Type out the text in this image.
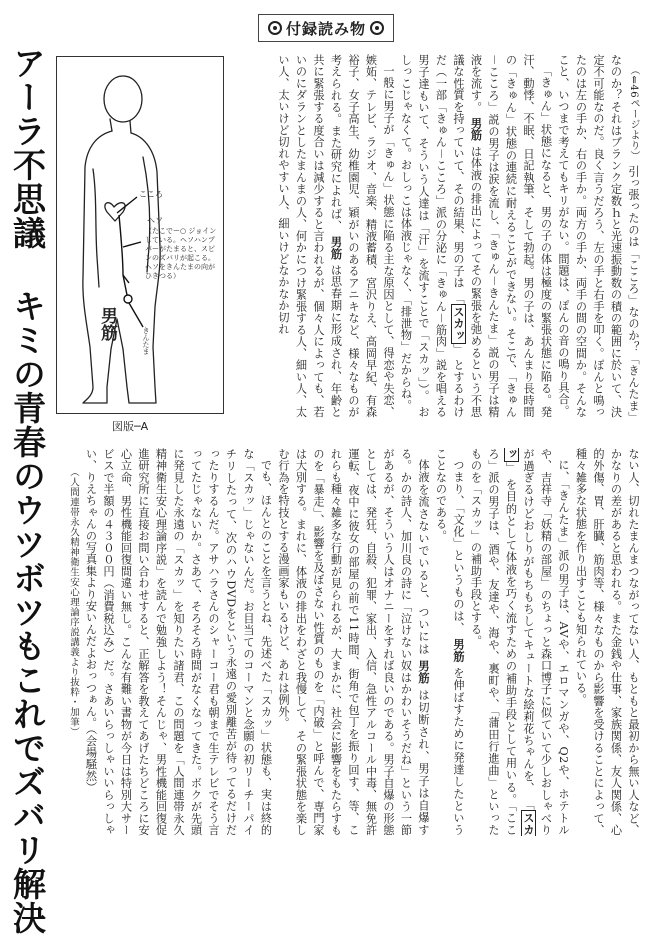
付録読み物
アーラ不思議  キミの青春のウツボツもこれでズバリ解決
こころ
ヘソ
（たこでー○ ジョインしている。ヘソハンプバーがたまると、スピンのズバリが起こる。ヘソをきんたまの向が ひきつる）
きんたま
男筋
図版─A

（⇐46ページより） 引っ張ったのは「こころ」なのか？「きんたま」なのか？それはブランク定数ｈと光速振動数の積の範囲に於いて、決定不可能なのだ。良く言うだろう、左の手と右手を叩く。ぽんと鳴ったのは左の手か、右の手か。両方の手か、両手の間の空間か。そんなこと、いつまで考えてもキリがない。間題は、ぽんの音の鳴り具合。

「きゅん」状態になると、男の子の体は極度の緊張状態に陥る。発汗、動悸、不眠、日記執筆、そして勃起。男の子は、あんまり長時間の「きゅん」状態の連続に耐えることができない。そこで、「きゅん－こころ」説の男子は涙を流し、「きゅん－きんたま」説の男子は精液を流す。 男筋 は体液の排出によってその緊張を弛めるという不思議な性質を持っていて、その結果、男の子は 「スカッ」 とするわけだ（一部「きゅん－こころ」派の分泌に「きゅん－筋肉」説を唱える男子達もいて、そういう人達は「汗」を流すことで「スカッ」）。 おしっこじゃなくて。おしっこは体液じゃなく、「排泄物」だからね。

一般に男子が「きゅん」状態に陥る主な原因として、得恋や失恋、嫉妬、テレビ、ラジオ、音楽、精液蓄積、宮沢りえ、高岡早紀、有森裕子、女子高生、幼椎園児、穎がいのあるアニキなど、様々なものが考えられる。また研究によれば、 男筋 は思春期に形成され、年齢と共に緊張する度合いは減少すると言われるが、個々人によっても、若いのにダランとしたまんまの人、何かにつけ緊張する人、細い人、太い人、太いけど切れやすい人、細いけどなかなか切れ

ない人、切れたまんまつながってない人、もともと最初から無い人など、かなりの差があると思われる。また金銭や仕事、家族関係、友人関係、心的外傷、胃、肝臓、筋肉等、様々なものから影響を受けることによって、種々雑多な状態を作り出すことも知られている。

に、「きんたま」派の男子は、AVや、エロマンガや、Q2や、ホテトルや、吉祥寺「妖精の部屋」のちょっと森口博子に似ていて少しおしゃべりが過ぎるけどおしりがもちもちしてキュートな絵莉花ちゃんを、 「スカッ」 を目的として体液を巧く流すための補助手段として用いる。「こころ」派の男子は、酒や、友達や、海や、裏町や、「蒲田行進曲」といったものを「スカッ」の補助手段とする。

つまり、「文化」というものは、 男筋 を伸ばすために発達したということなのである。

体液を流さないでいると、ついには 男筋 は切断され、男子は自爆する。かの詩人、加川良の詩に「泣けない奴はかわいそうだね」という一節があるが、そういう人はオナニーをすれば良いのである。男子自爆の形態としては、発狂、自殺、犯罪、家出、入信、急性アルコール中毒、無免許運転、夜中に彼女の部屋の前で11時間、街角で包丁を振り回す、等、これらも種々雑多な行動が見られるが、大まかに、社会に影響をもたらすものを「暴走」、影響を及ぼさない性質のものを「内破」と呼んで、専門家は大別する。まれに、体液の排出をわざと我慢して、その緊張状態を楽しむ行為を特技とする漫画家もいるけど、あれは例外。

でも、ほんとのことを言うとね、先述べた「スカッ」状態も、実は終的な「スカッ」じゃないんだ。お目当てのコーマンと念願の初リーチーパイチリしたって、次のハウDVDをという永遠の愛別離苦が待ってるだけだったりするんだ。アサハラさんのシャーコー君も朝まで生テレビでそう言ってたじゃないか。さあて、そろそろ時間がなくなってきた。ボクが先頭に発見した永遠の「スカッ」を知りたい諸君、この問題を「人間連帯永久精神衛生安心理論序説」を読んで勉強しよう！そんじゃ、男性機能回復促進研究所に直接お問い合わせすると、正解答を教えてあげたちどころに安心立命、男性機能回復間違い無し。こんな有難い書物が今日は特別大サービスで半額の４３００円（消費税込み）だ。さあいらっしゃいいらっしゃい、りえちゃんの写真集より安いんだよおっつぁん。（会場騒然）

（人間連帯永久精神衛生安心理論序説講義より抜粋・加筆）
